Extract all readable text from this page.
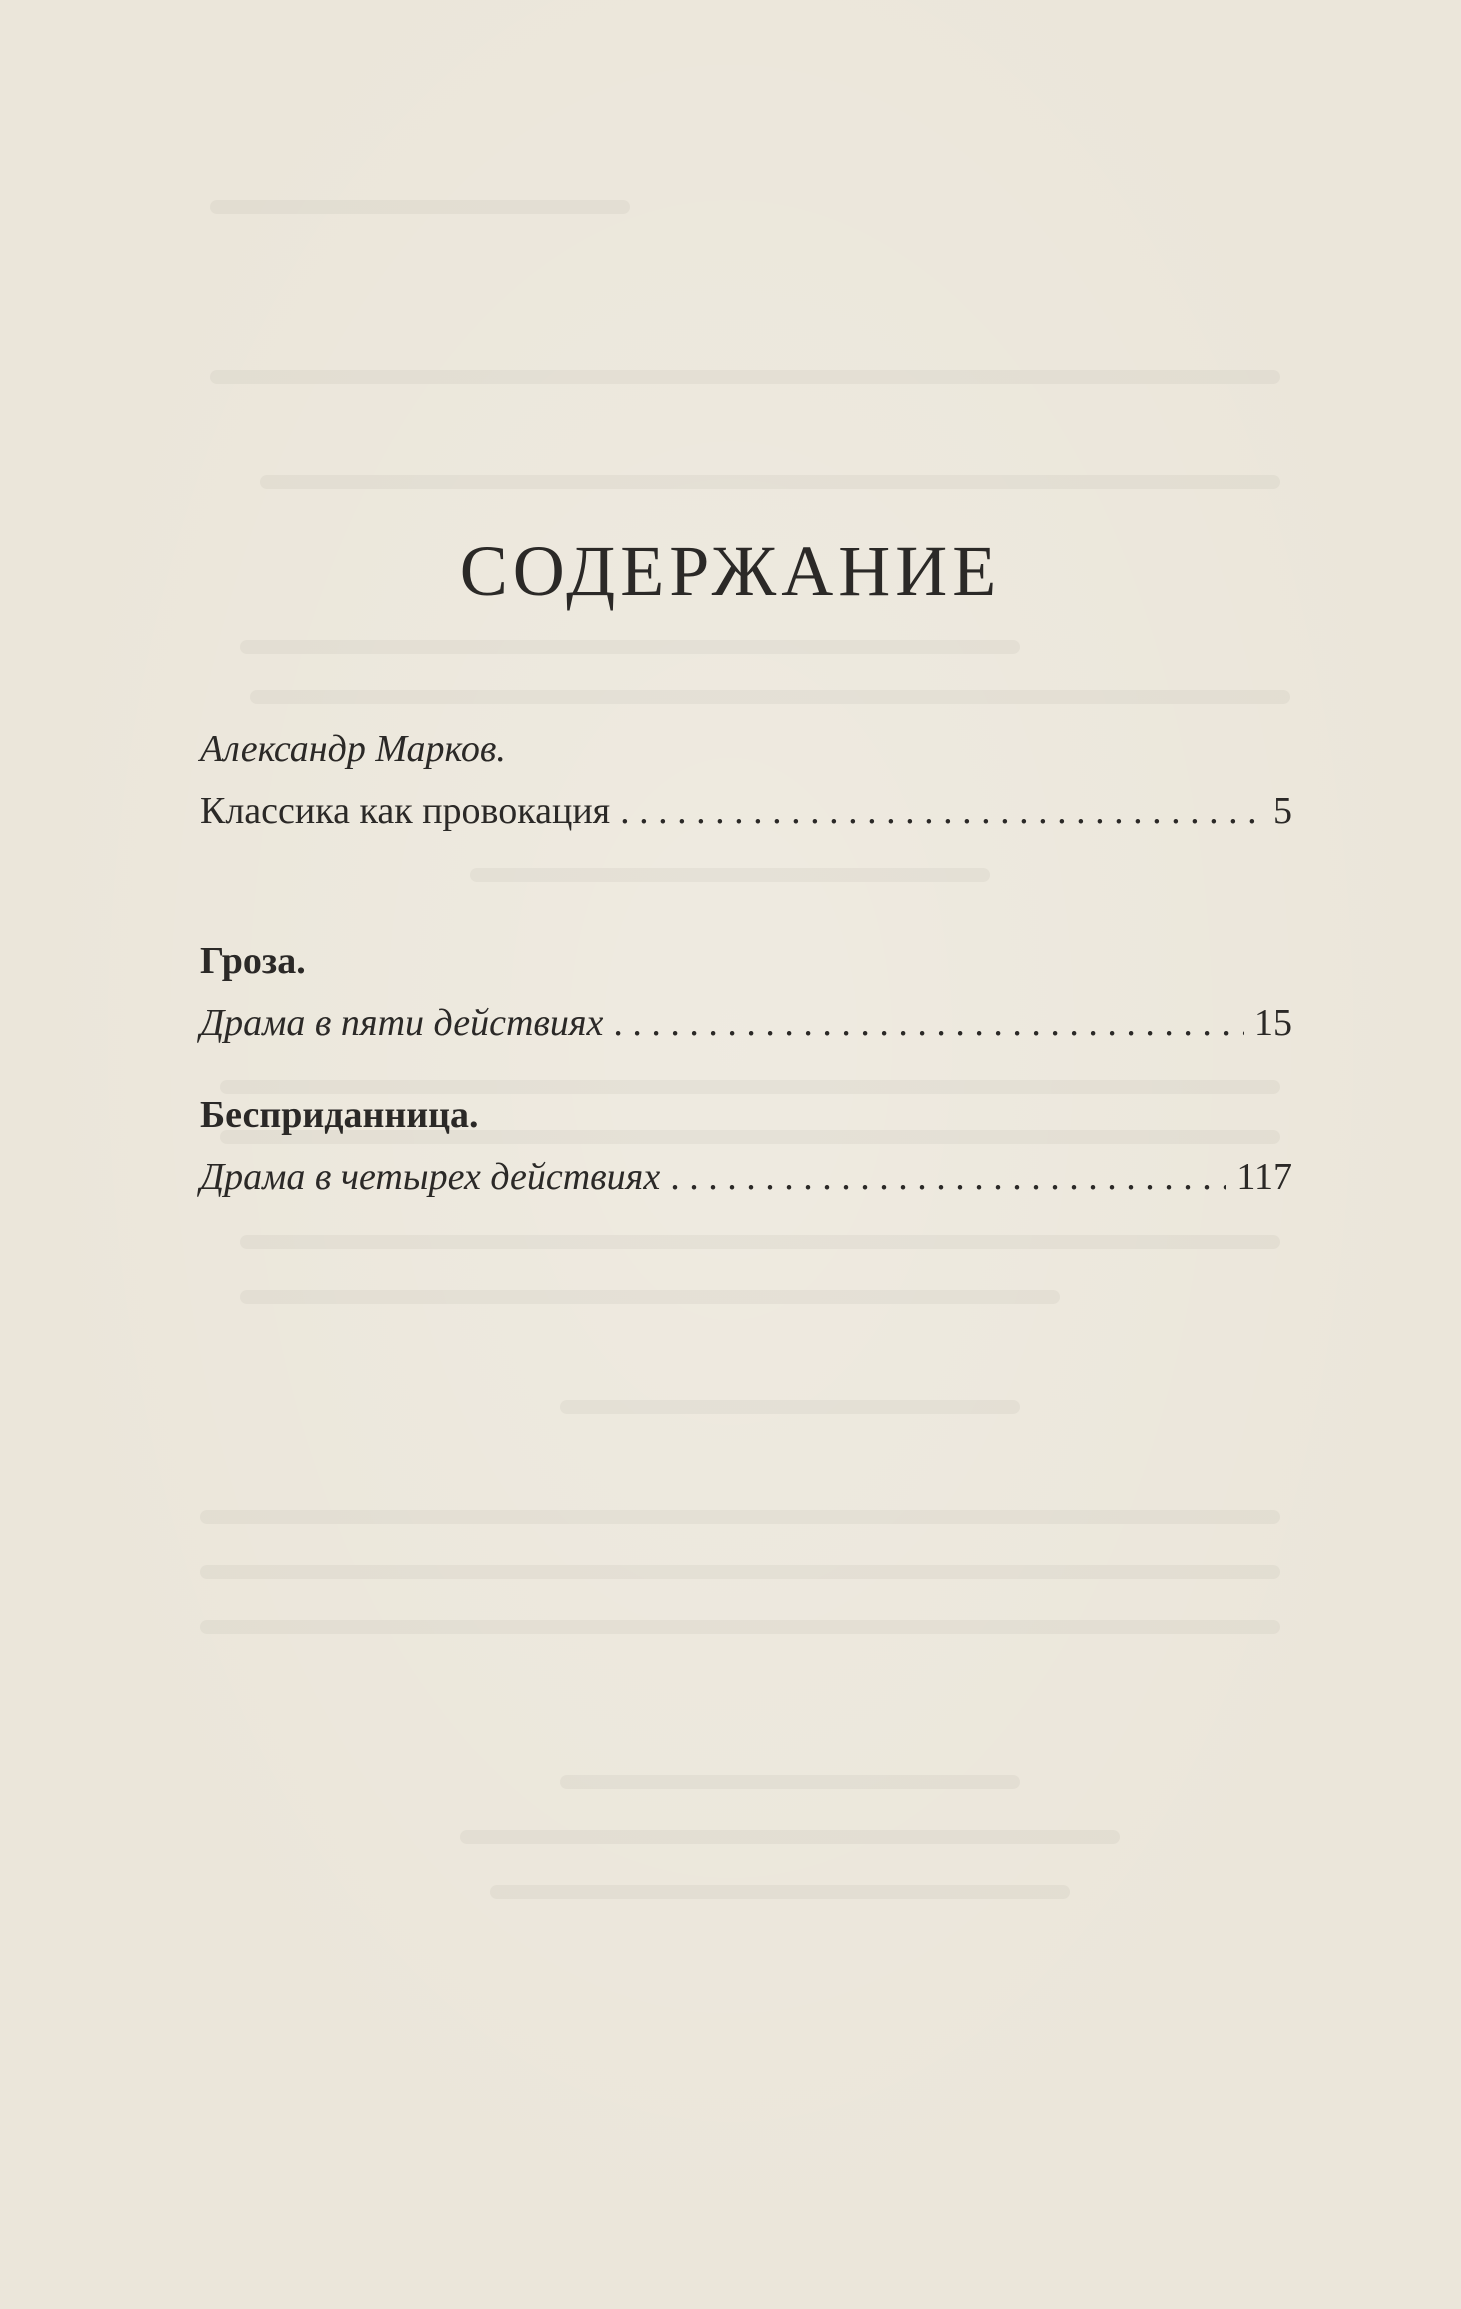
СОДЕРЖАНИЕ
Александр Марков.
Классика как провокация . . .	5
Гроза.
Драма в пяти действиях . . .	15
Бесприданница.
Драма в четырех действиях . . .	117
